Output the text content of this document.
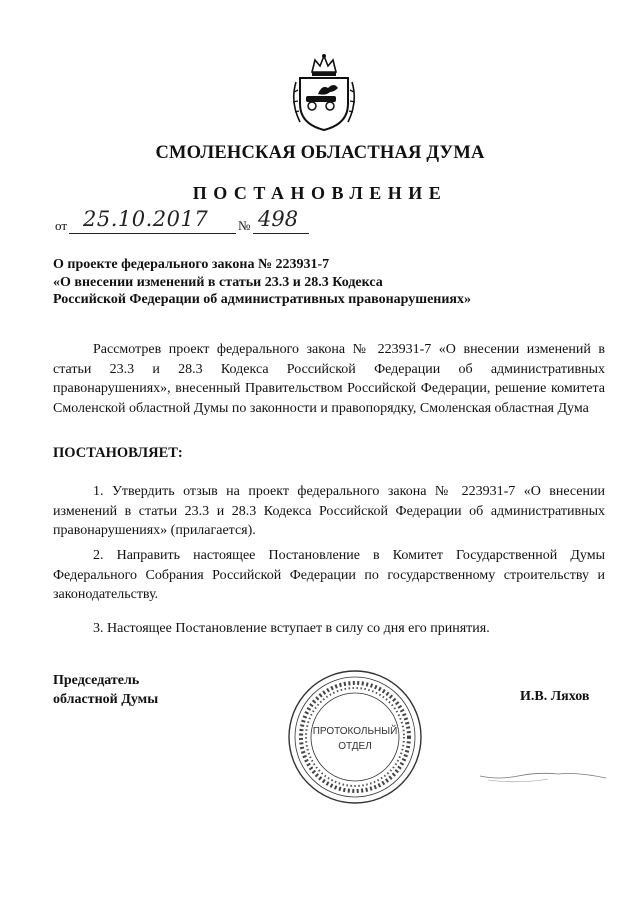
СМОЛЕНСКАЯ ОБЛАСТНАЯ ДУМА
ПОСТАНОВЛЕНИЕ
от 25.10.2017 № 498
О проекте федерального закона № 223931-7
«О внесении изменений в статьи 23.3 и 28.3 Кодекса
Российской Федерации об административных правонарушениях»
Рассмотрев проект федерального закона № 223931-7 «О внесении изменений в статьи 23.3 и 28.3 Кодекса Российской Федерации об административных правонарушениях», внесенный Правительством Российской Федерации, решение комитета Смоленской областной Думы по законности и правопорядку, Смоленская областная Дума
ПОСТАНОВЛЯЕТ:
1. Утвердить отзыв на проект федерального закона № 223931-7 «О внесении изменений в статьи 23.3 и 28.3 Кодекса Российской Федерации об административных правонарушениях» (прилагается).
2. Направить настоящее Постановление в Комитет Государственной Думы Федерального Собрания Российской Федерации по государственному строительству и законодательству.
3. Настоящее Постановление вступает в силу со дня его принятия.
Председатель
областной Думы
ПРОТОКОЛЬНЫЙ
ОТДЕЛ
И.В. Ляхов
